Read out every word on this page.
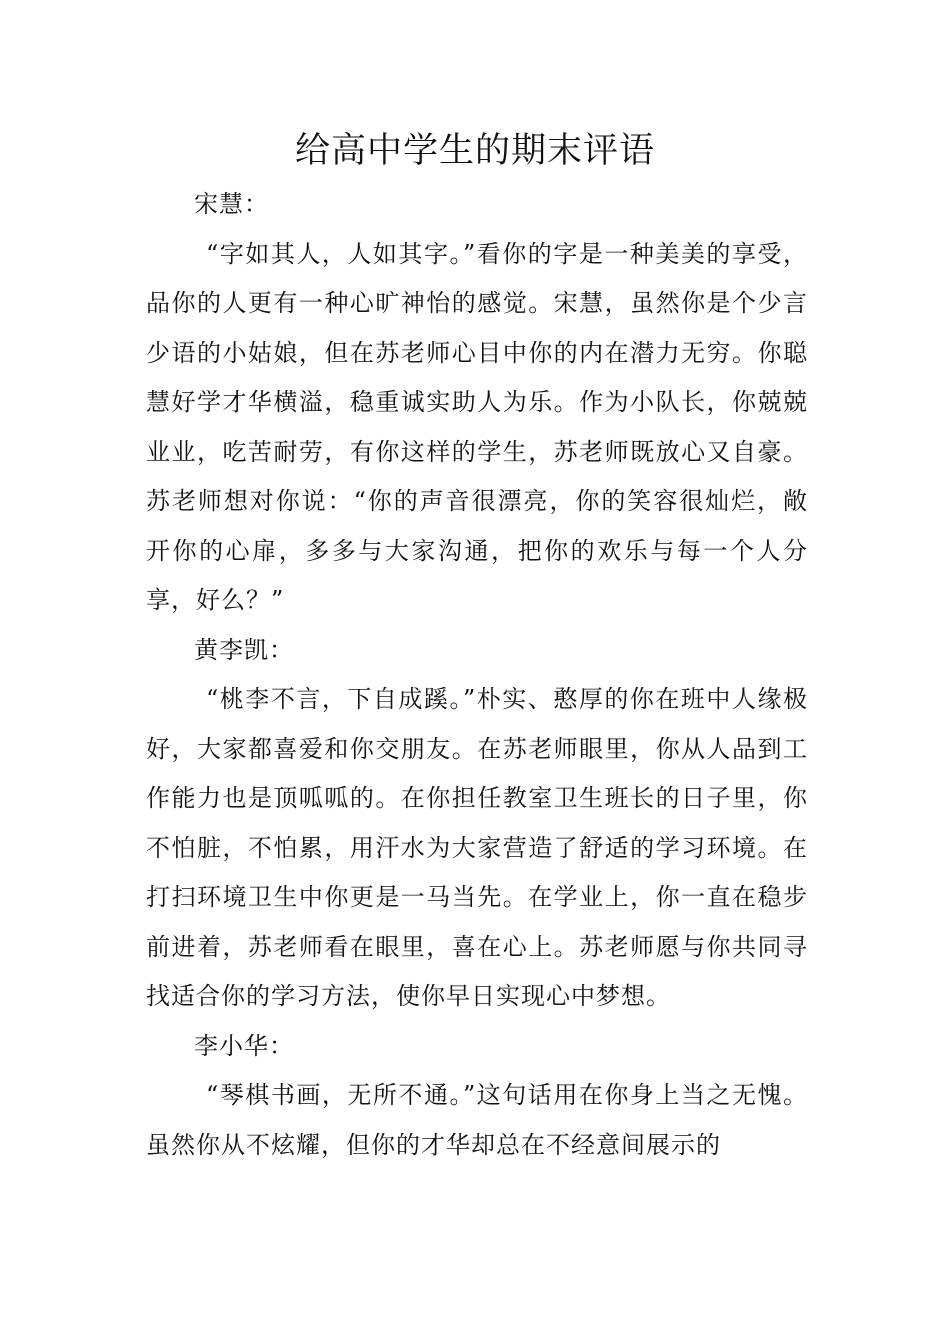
给高中学生的期末评语

宋慧：

“字如其人，人如其字。”看你的字是一种美美的享受，品你的人更有一种心旷神怡的感觉。宋慧，虽然你是个少言少语的小姑娘，但在苏老师心目中你的内在潜力无穷。你聪慧好学才华横溢，稳重诚实助人为乐。作为小队长，你兢兢业业，吃苦耐劳，有你这样的学生，苏老师既放心又自豪。苏老师想对你说：“你的声音很漂亮，你的笑容很灿烂，敞开你的心扉，多多与大家沟通，把你的欢乐与每一个人分享，好么？”

黄李凯：

“桃李不言，下自成蹊。”朴实、憨厚的你在班中人缘极好，大家都喜爱和你交朋友。在苏老师眼里，你从人品到工作能力也是顶呱呱的。在你担任教室卫生班长的日子里，你不怕脏，不怕累，用汗水为大家营造了舒适的学习环境。在打扫环境卫生中你更是一马当先。在学业上，你一直在稳步前进着，苏老师看在眼里，喜在心上。苏老师愿与你共同寻找适合你的学习方法，使你早日实现心中梦想。

李小华：

“琴棋书画，无所不通。”这句话用在你身上当之无愧。虽然你从不炫耀，但你的才华却总在不经意间展示的
